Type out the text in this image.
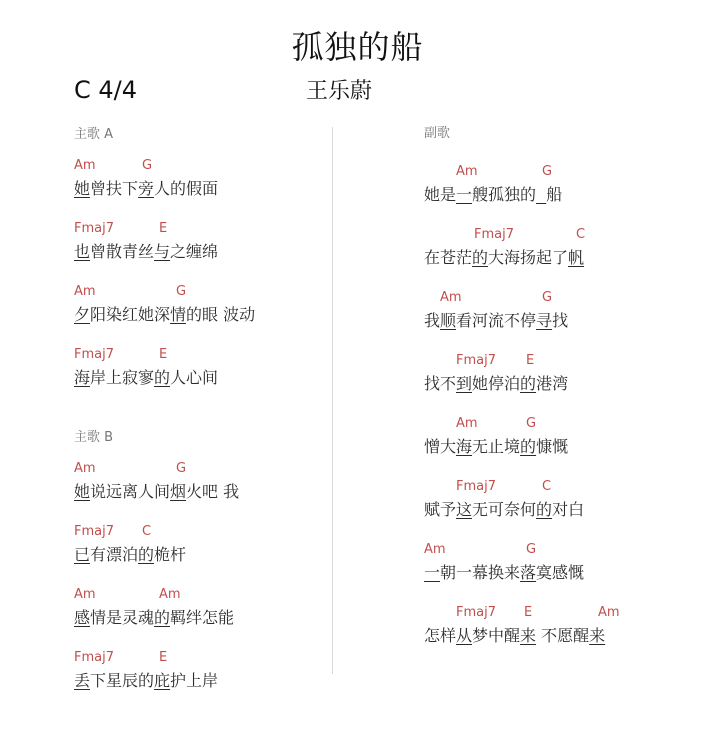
孤独的船
C 4/4	王乐蔚
主歌 A
Am	G
她曾扶下旁人的假面
Fmaj7	E
也曾散青丝与之缠绵
Am	G
夕阳染红她深情的眼 波动
Fmaj7	E
海岸上寂寥的人心间
主歌 B
Am	G
她说远离人间烟火吧 我
Fmaj7 C
已有漂泊的桅杆
Am	Am
感情是灵魂的羁绊怎能
Fmaj7	E
丢下星辰的庇护上岸
副歌
Am	G
她是一艘孤独的 船
Fmaj7	C
在苍茫的大海扬起了帆
Am	G
我顺看河流不停寻找
Fmaj7 E
找不到她停泊的港湾
Am	G
憎大海无止境的慷慨
Fmaj7	C
赋予这无可奈何的对白
Am	G
一朝一幕换来落寞感慨
Fmaj7 E	Am
怎样从梦中醒来 不愿醒来
